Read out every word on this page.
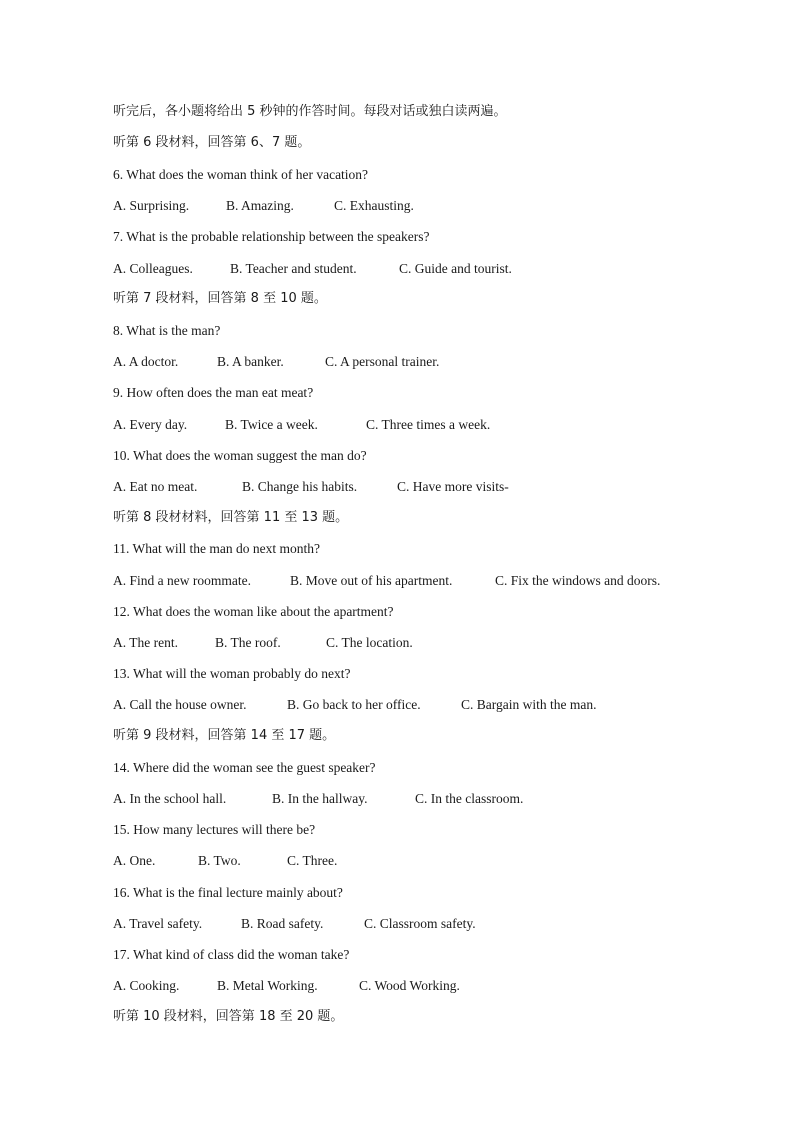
听完后，各小题将给出 5 秒钟的作答时间。每段对话或独白读两遍。
听第 6 段材料，回答第 6、7 题。
6. What does the woman think of her vacation?
A. Surprising.	B. Amazing.	C. Exhausting.
7. What is the probable relationship between the speakers?
A. Colleagues.	B. Teacher and student.	C. Guide and tourist.
听第 7 段材料，回答第 8 至 10 题。
8. What is the man?
A. A doctor.	B. A banker.	C. A personal trainer.
9. How often does the man eat meat?
A. Every day.	B. Twice a week.	C. Three times a week.
10. What does the woman suggest the man do?
A. Eat no meat.	B. Change his habits.	C. Have more visits-
听第 8 段材材料，回答第 11 至 13 题。
11. What will the man do next month?
A. Find a new roommate.	B. Move out of his apartment.	C. Fix the windows and doors.
12. What does the woman like about the apartment?
A. The rent.	B. The roof.	C. The location.
13. What will the woman probably do next?
A. Call the house owner.	B. Go back to her office.	C. Bargain with the man.
听第 9 段材料，回答第 14 至 17 题。
14. Where did the woman see the guest speaker?
A. In the school hall.	B. In the hallway.	C. In the classroom.
15. How many lectures will there be?
A. One.	B. Two.	C. Three.
16. What is the final lecture mainly about?
A. Travel safety.	B. Road safety.	C. Classroom safety.
17. What kind of class did the woman take?
A. Cooking.	B. Metal Working.	C. Wood Working.
听第 10 段材料，回答第 18 至 20 题。
